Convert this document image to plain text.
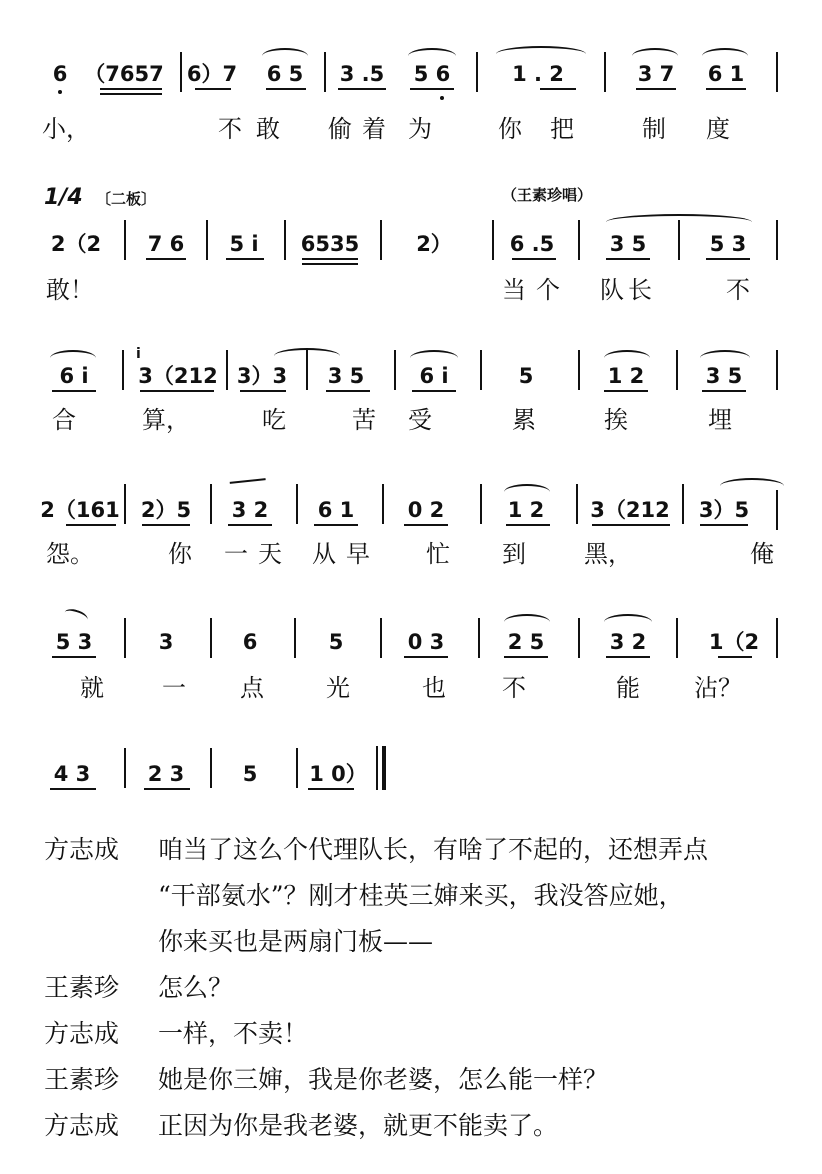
6 （7657 6）7 6 5 3 .5 5 6	1 . 2	3 7 6 1
小，	不 敢 偷 着 为	你 把	制 度
1/4 〔二板〕	（王素珍唱）
2（2 7 6 5 i 6535	2）	6 .5	3 5	5 3
敢！	当 个 队 长	不
6 i
i
3（212 3）3 3 5	6 i	5	1 2	3 5
合	算，	吃	苦 受	累	挨	埋
2（161 2）5 3 2 6 1	0 2	1 2 3（212 3）5
怨。	你 一 天 从 早 忙 到 黑，	俺
5 3	3	6	5	0 3	2 5	3 2	1（2
就 一 点	光	也 不	能 沾？
4 3	2 3	5 1 0）
方志成 咱当了这么个代理队长，有啥了不起的，还想弄点
“干部氨水”？刚才桂英三婶来买，我没答应她，
你来买也是两扇门板——
王素珍 怎么？
方志成 一样，不卖！
王素珍 她是你三婶，我是你老婆，怎么能一样？
方志成 正因为你是我老婆，就更不能卖了。
